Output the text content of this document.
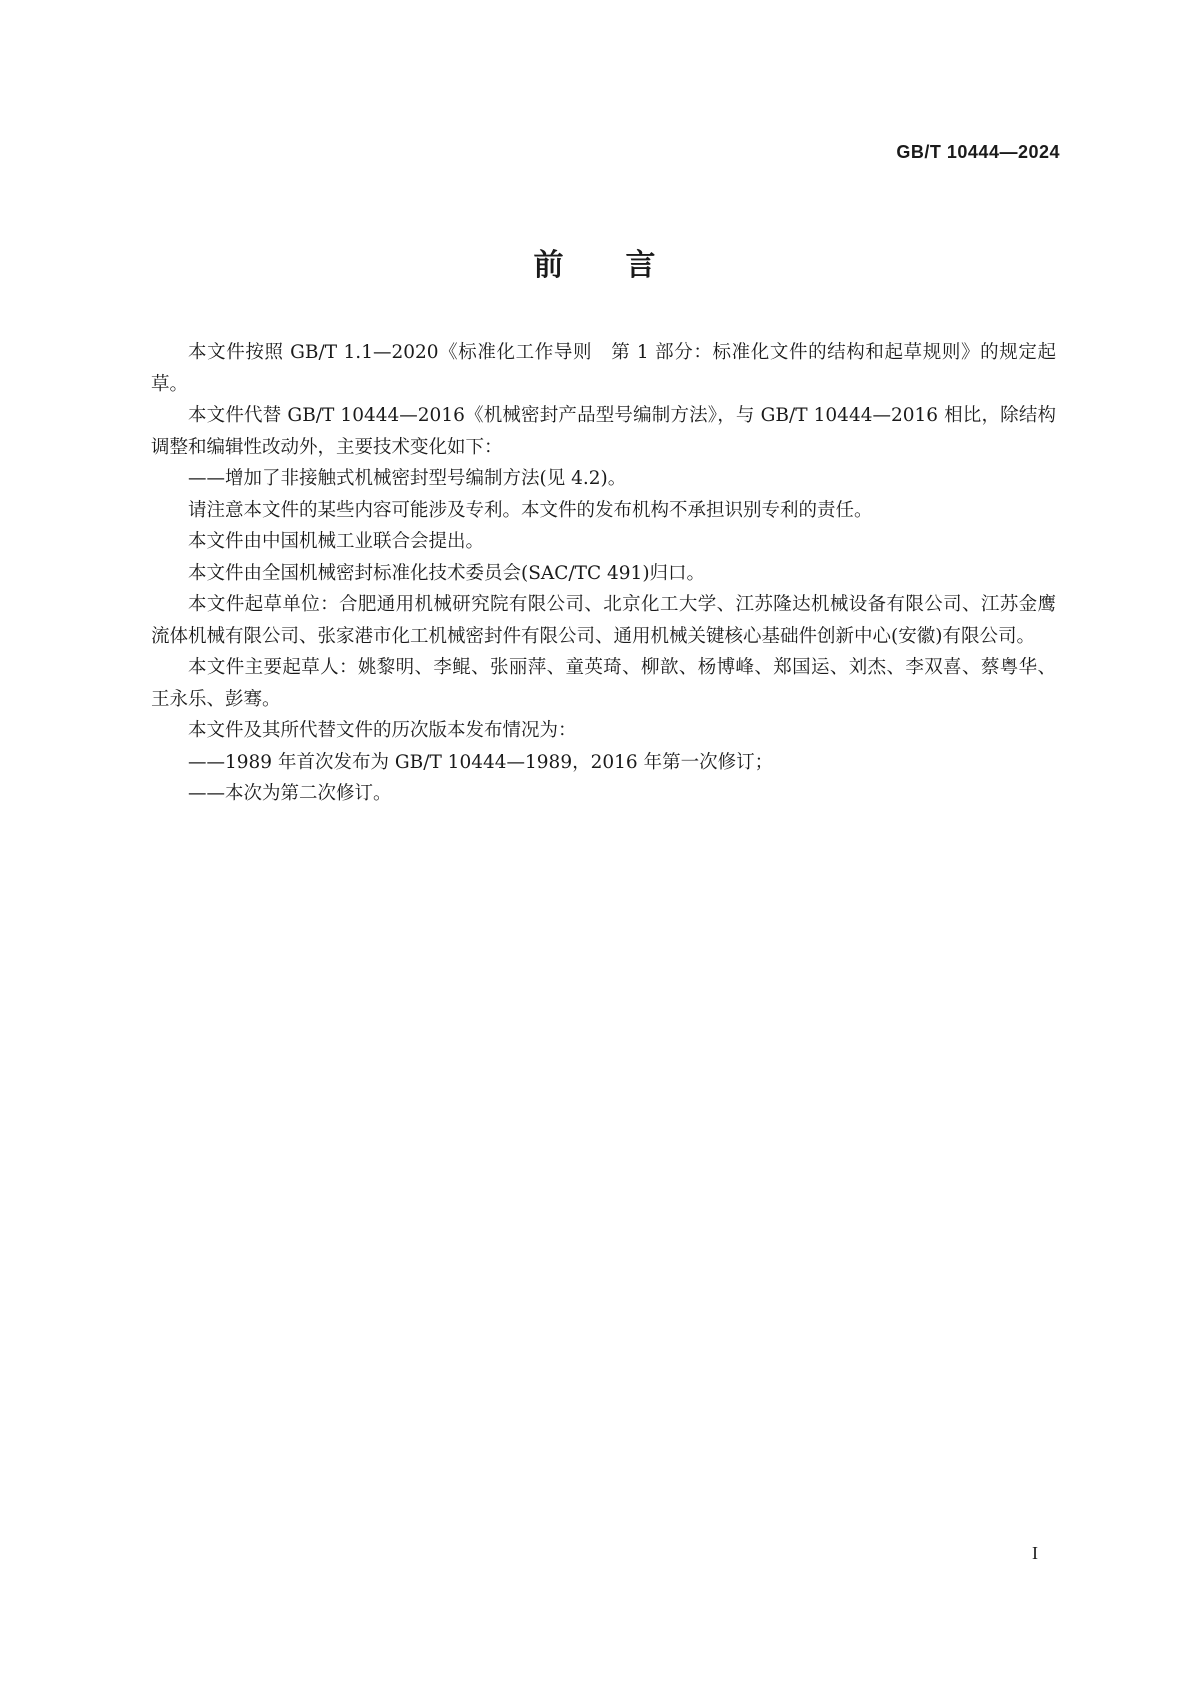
GB/T 10444—2024
前 言

本文件按照 GB/T 1.1—2020《标准化工作导则　第 1 部分：标准化文件的结构和起草规则》的规定起草。

本文件代替 GB/T 10444—2016《机械密封产品型号编制方法》，与 GB/T 10444—2016 相比，除结构调整和编辑性改动外，主要技术变化如下：

——增加了非接触式机械密封型号编制方法(见 4.2)。

请注意本文件的某些内容可能涉及专利。本文件的发布机构不承担识别专利的责任。

本文件由中国机械工业联合会提出。

本文件由全国机械密封标准化技术委员会(SAC/TC 491)归口。

本文件起草单位：合肥通用机械研究院有限公司、北京化工大学、江苏隆达机械设备有限公司、江苏金鹰流体机械有限公司、张家港市化工机械密封件有限公司、通用机械关键核心基础件创新中心(安徽)有限公司。

本文件主要起草人：姚黎明、李鲲、张丽萍、童英琦、柳歆、杨博峰、郑国运、刘杰、李双喜、蔡粤华、王永乐、彭骞。

本文件及其所代替文件的历次版本发布情况为：

——1989 年首次发布为 GB/T 10444—1989，2016 年第一次修订；

——本次为第二次修订。

I
